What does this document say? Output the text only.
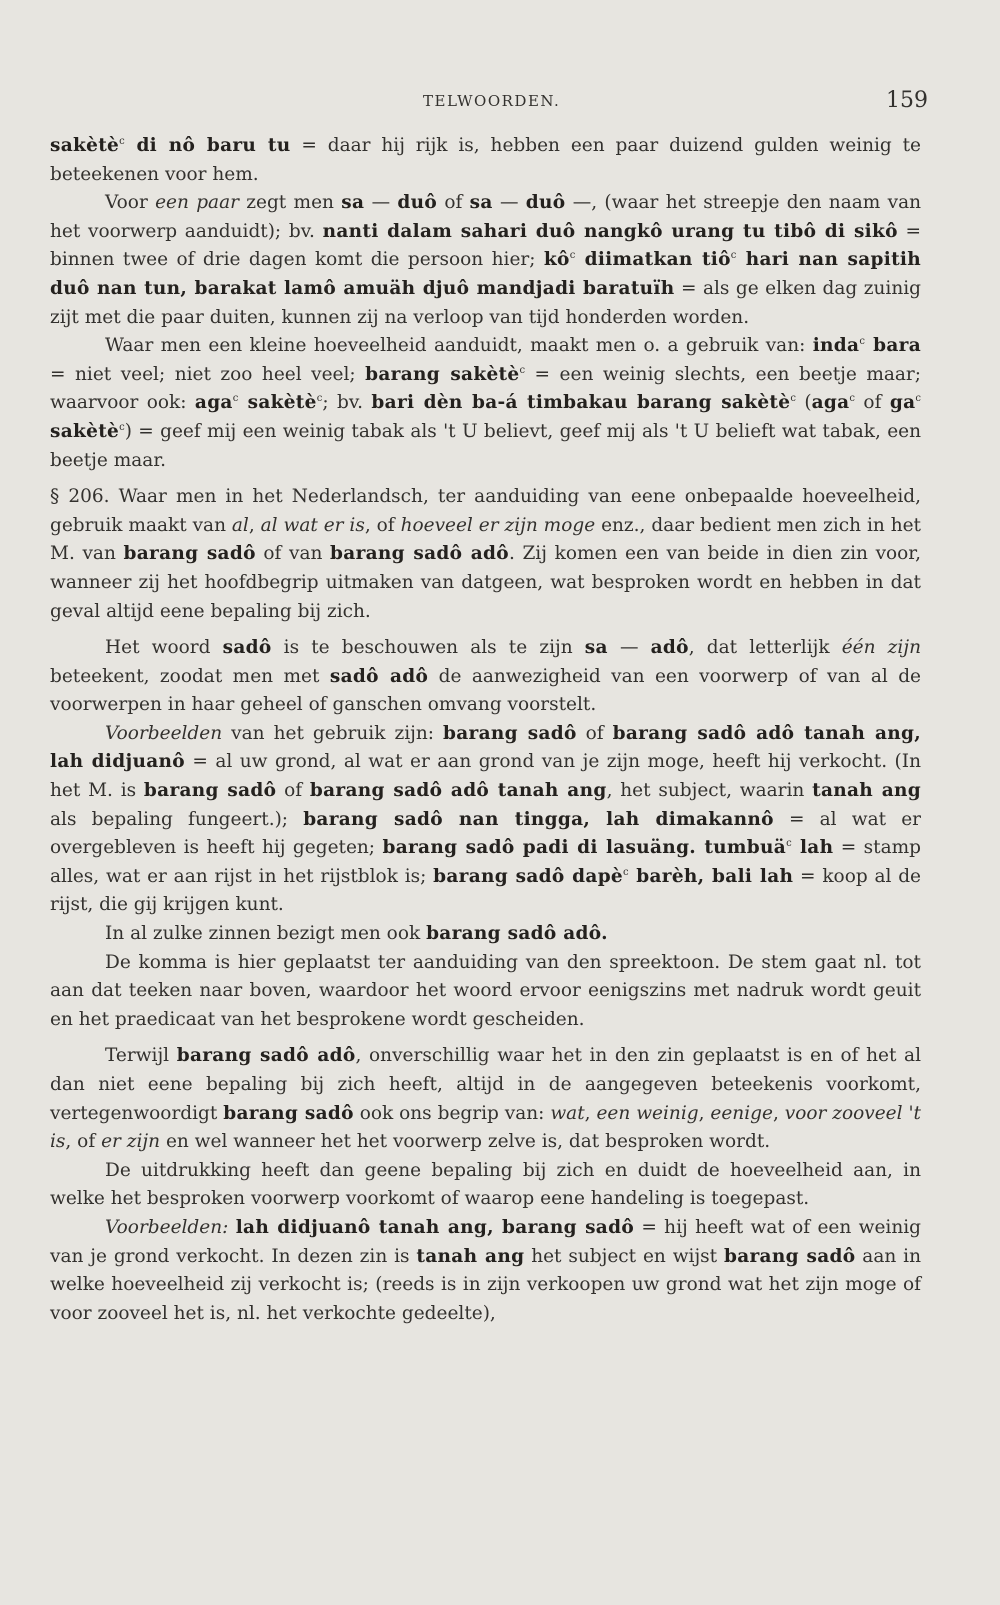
TELWOORDEN.	159

sakètè$^c$ di nô baru tu = daar hij rijk is, hebben een paar duizend gulden weinig te beteekenen voor hem.

Voor een paar zegt men sa — duô of sa — duô —, (waar het streepje den naam van het voorwerp aanduidt); bv. nanti dalam sahari duô nangkô urang tu tibô di sikô = binnen twee of drie dagen komt die persoon hier; $kô^c$ diimatkan tiô$^c$ hari nan sapitih duô nan tun, barakat lamô amuäh djuô mandjadi baratuïh = als ge elken dag zuinig zijt met die paar duiten, kunnen zij na verloop van tijd honderden worden.

Waar men een kleine hoeveelheid aanduidt, maakt men o. a gebruik van: inda$^c$ bara = niet veel; niet zoo heel veel; barang sakètè$^c$ = een weinig slechts, een beetje maar; waarvoor ook: aga$^c$ sakètè$^c$; bv. bari dèn ba-á timbakau barang sakètè$^c$ (aga$^c$ of $ga^c$ sakètè$^c$) = geef mij een weinig tabak als 't U believt, geef mij als 't U belieft wat tabak, een beetje maar.

§ 206. Waar men in het Nederlandsch, ter aanduiding van eene onbepaalde hoeveelheid, gebruik maakt van al, al wat er is, of hoeveel er zijn moge enz., daar bedient men zich in het M. van barang sadô of van barang sadô adô. Zij komen een van beide in dien zin voor, wanneer zij het hoofdbegrip uitmaken van datgeen, wat besproken wordt en hebben in dat geval altijd eene bepaling bij zich.

Het woord sadô is te beschouwen als te zijn sa — adô, dat letterlijk één zijn beteekent, zoodat men met sadô adô de aanwezigheid van een voorwerp of van al de voorwerpen in haar geheel of ganschen omvang voorstelt.

Voorbeelden van het gebruik zijn: barang sadô of barang sadô adô tanah ang, lah didjuanô = al uw grond, al wat er aan grond van je zijn moge, heeft hij verkocht. (In het M. is barang sadô of barang sadô adô tanah ang, het subject, waarin tanah ang als bepaling fungeert.); barang sadô nan tingga, lah dimakannô = al wat er overgebleven is heeft hij gegeten; barang sadô padi di lasuäng. tumbuä$^c$ lah = stamp alles, wat er aan rijst in het rijstblok is; barang sadô dapè$^c$ barèh, bali lah = koop al de rijst, die gij krijgen kunt.

In al zulke zinnen bezigt men ook barang sadô adô.

De komma is hier geplaatst ter aanduiding van den spreektoon. De stem gaat nl. tot aan dat teeken naar boven, waardoor het woord ervoor eenigszins met nadruk wordt geuit en het praedicaat van het besprokene wordt gescheiden.

Terwijl barang sadô adô, onverschillig waar het in den zin geplaatst is en of het al dan niet eene bepaling bij zich heeft, altijd in de aangegeven beteekenis voorkomt, vertegenwoordigt barang sadô ook ons begrip van: wat, een weinig, eenige, voor zooveel 't is, of er zijn en wel wanneer het het voorwerp zelve is, dat besproken wordt.

De uitdrukking heeft dan geene bepaling bij zich en duidt de hoeveelheid aan, in welke het besproken voorwerp voorkomt of waarop eene handeling is toegepast.

Voorbeelden: lah didjuanô tanah ang, barang sadô = hij heeft wat of een weinig van je grond verkocht. In dezen zin is tanah ang het subject en wijst barang sadô aan in welke hoeveelheid zij verkocht is; (reeds is in zijn verkoopen uw grond wat het zijn moge of voor zooveel het is, nl. het verkochte gedeelte),
